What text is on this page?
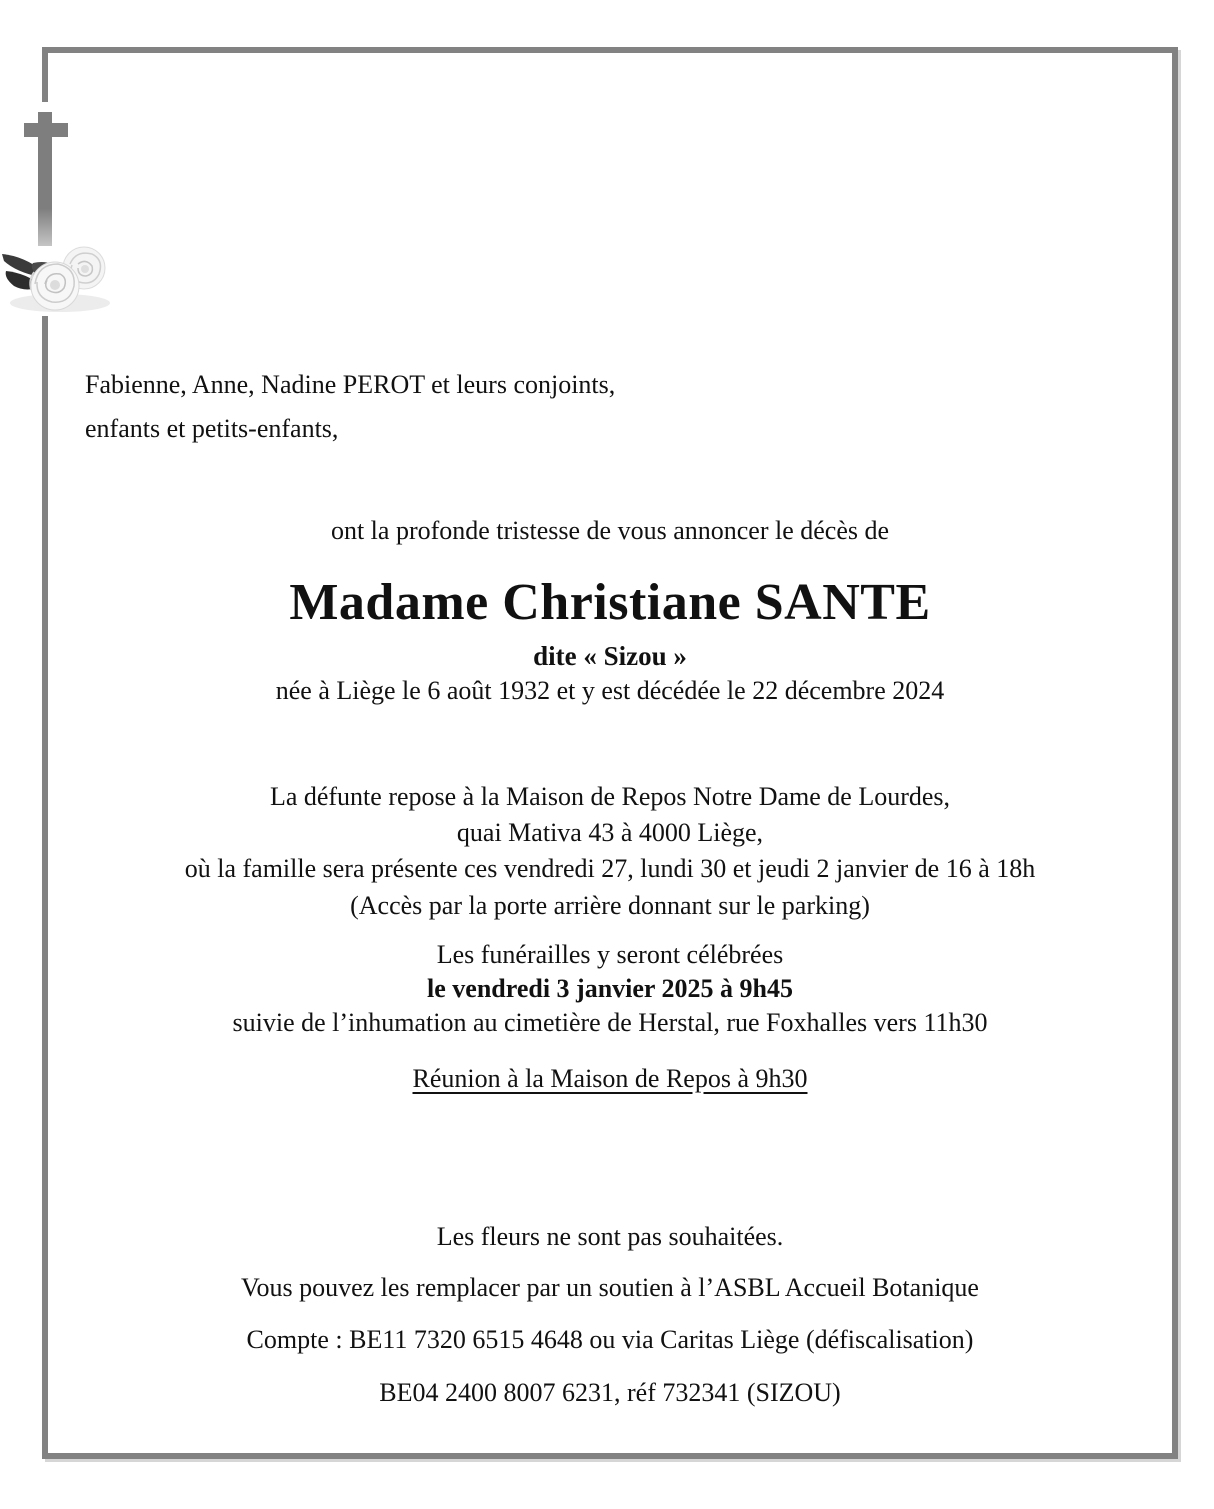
Fabienne, Anne, Nadine PEROT et leurs conjoints,
enfants et petits-enfants,
ont la profonde tristesse de vous annoncer le décès de
Madame Christiane SANTE
dite « Sizou »
née à Liège le 6 août 1932 et y est décédée le 22 décembre 2024
La défunte repose à la Maison de Repos Notre Dame de Lourdes,
quai Mativa 43 à 4000 Liège,
où la famille sera présente ces vendredi 27, lundi 30 et jeudi 2 janvier de 16 à 18h
(Accès par la porte arrière donnant sur le parking)
Les funérailles y seront célébrées
le vendredi 3 janvier 2025 à 9h45
suivie de l’inhumation au cimetière de Herstal, rue Foxhalles vers 11h30
Réunion à la Maison de Repos à 9h30
Les fleurs ne sont pas souhaitées.
Vous pouvez les remplacer par un soutien à l’ASBL Accueil Botanique
Compte : BE11 7320 6515 4648 ou via Caritas Liège (défiscalisation)
BE04 2400 8007 6231, réf 732341 (SIZOU)
